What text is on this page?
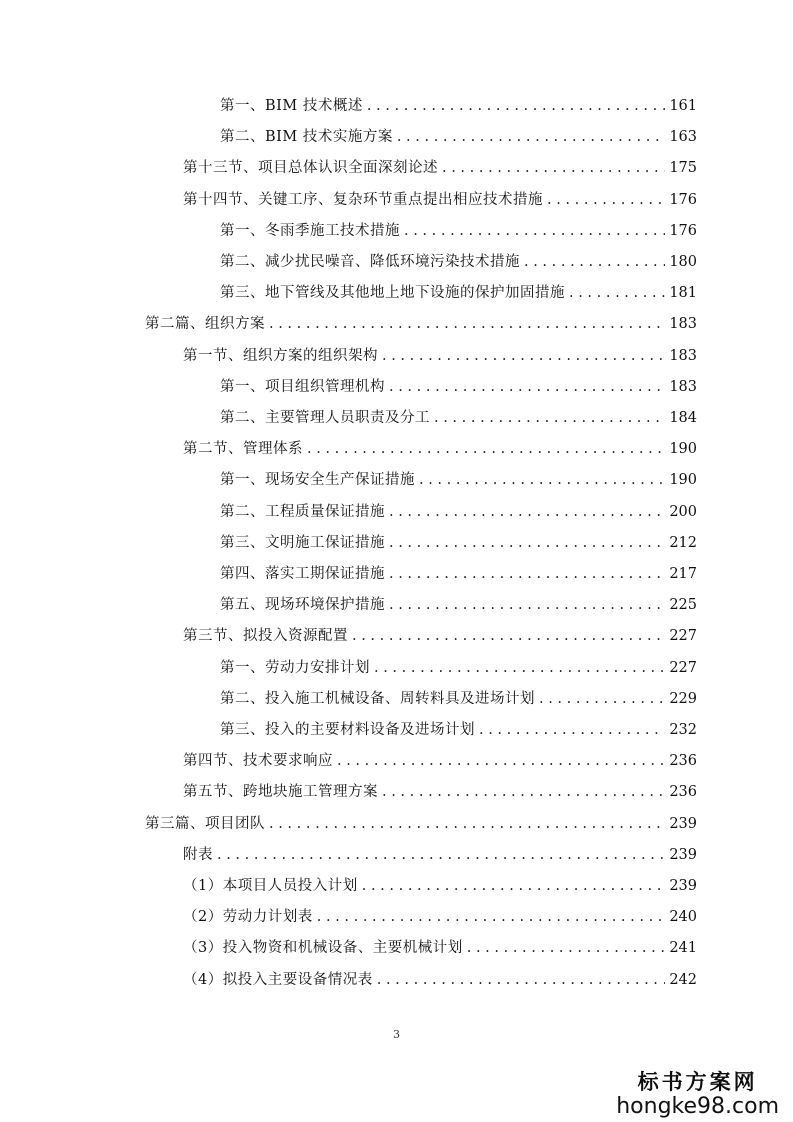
第一、BIM 技术概述 . . .	161
第二、BIM 技术实施方案 . . .	163
第十三节、项目总体认识全面深刻论述 . . .	175
第十四节、关键工序、复杂环节重点提出相应技术措施 . . .	176
第一、冬雨季施工技术措施 . . .	176
第二、减少扰民噪音、降低环境污染技术措施 . . .	180
第三、地下管线及其他地上地下设施的保护加固措施 . . .	181
第二篇、组织方案 . . .	183
第一节、组织方案的组织架构 . . .	183
第一、项目组织管理机构 . . .	183
第二、主要管理人员职责及分工 . . .	184
第二节、管理体系 . . .	190
第一、现场安全生产保证措施 . . .	190
第二、工程质量保证措施 . . .	200
第三、文明施工保证措施 . . .	212
第四、落实工期保证措施 . . .	217
第五、现场环境保护措施 . . .	225
第三节、拟投入资源配置 . . .	227
第一、劳动力安排计划 . . .	227
第二、投入施工机械设备、周转料具及进场计划 . . .	229
第三、投入的主要材料设备及进场计划 . . .	232
第四节、技术要求响应 . . .	236
第五节、跨地块施工管理方案 . . .	236
第三篇、项目团队 . . .	239
附表 . . .	239
（1）本项目人员投入计划 . . .	239
（2）劳动力计划表 . . .	240
（3）投入物资和机械设备、主要机械计划 . . .	241
（4）拟投入主要设备情况表 . . .	242
3
标书方案网
hongke98.com
